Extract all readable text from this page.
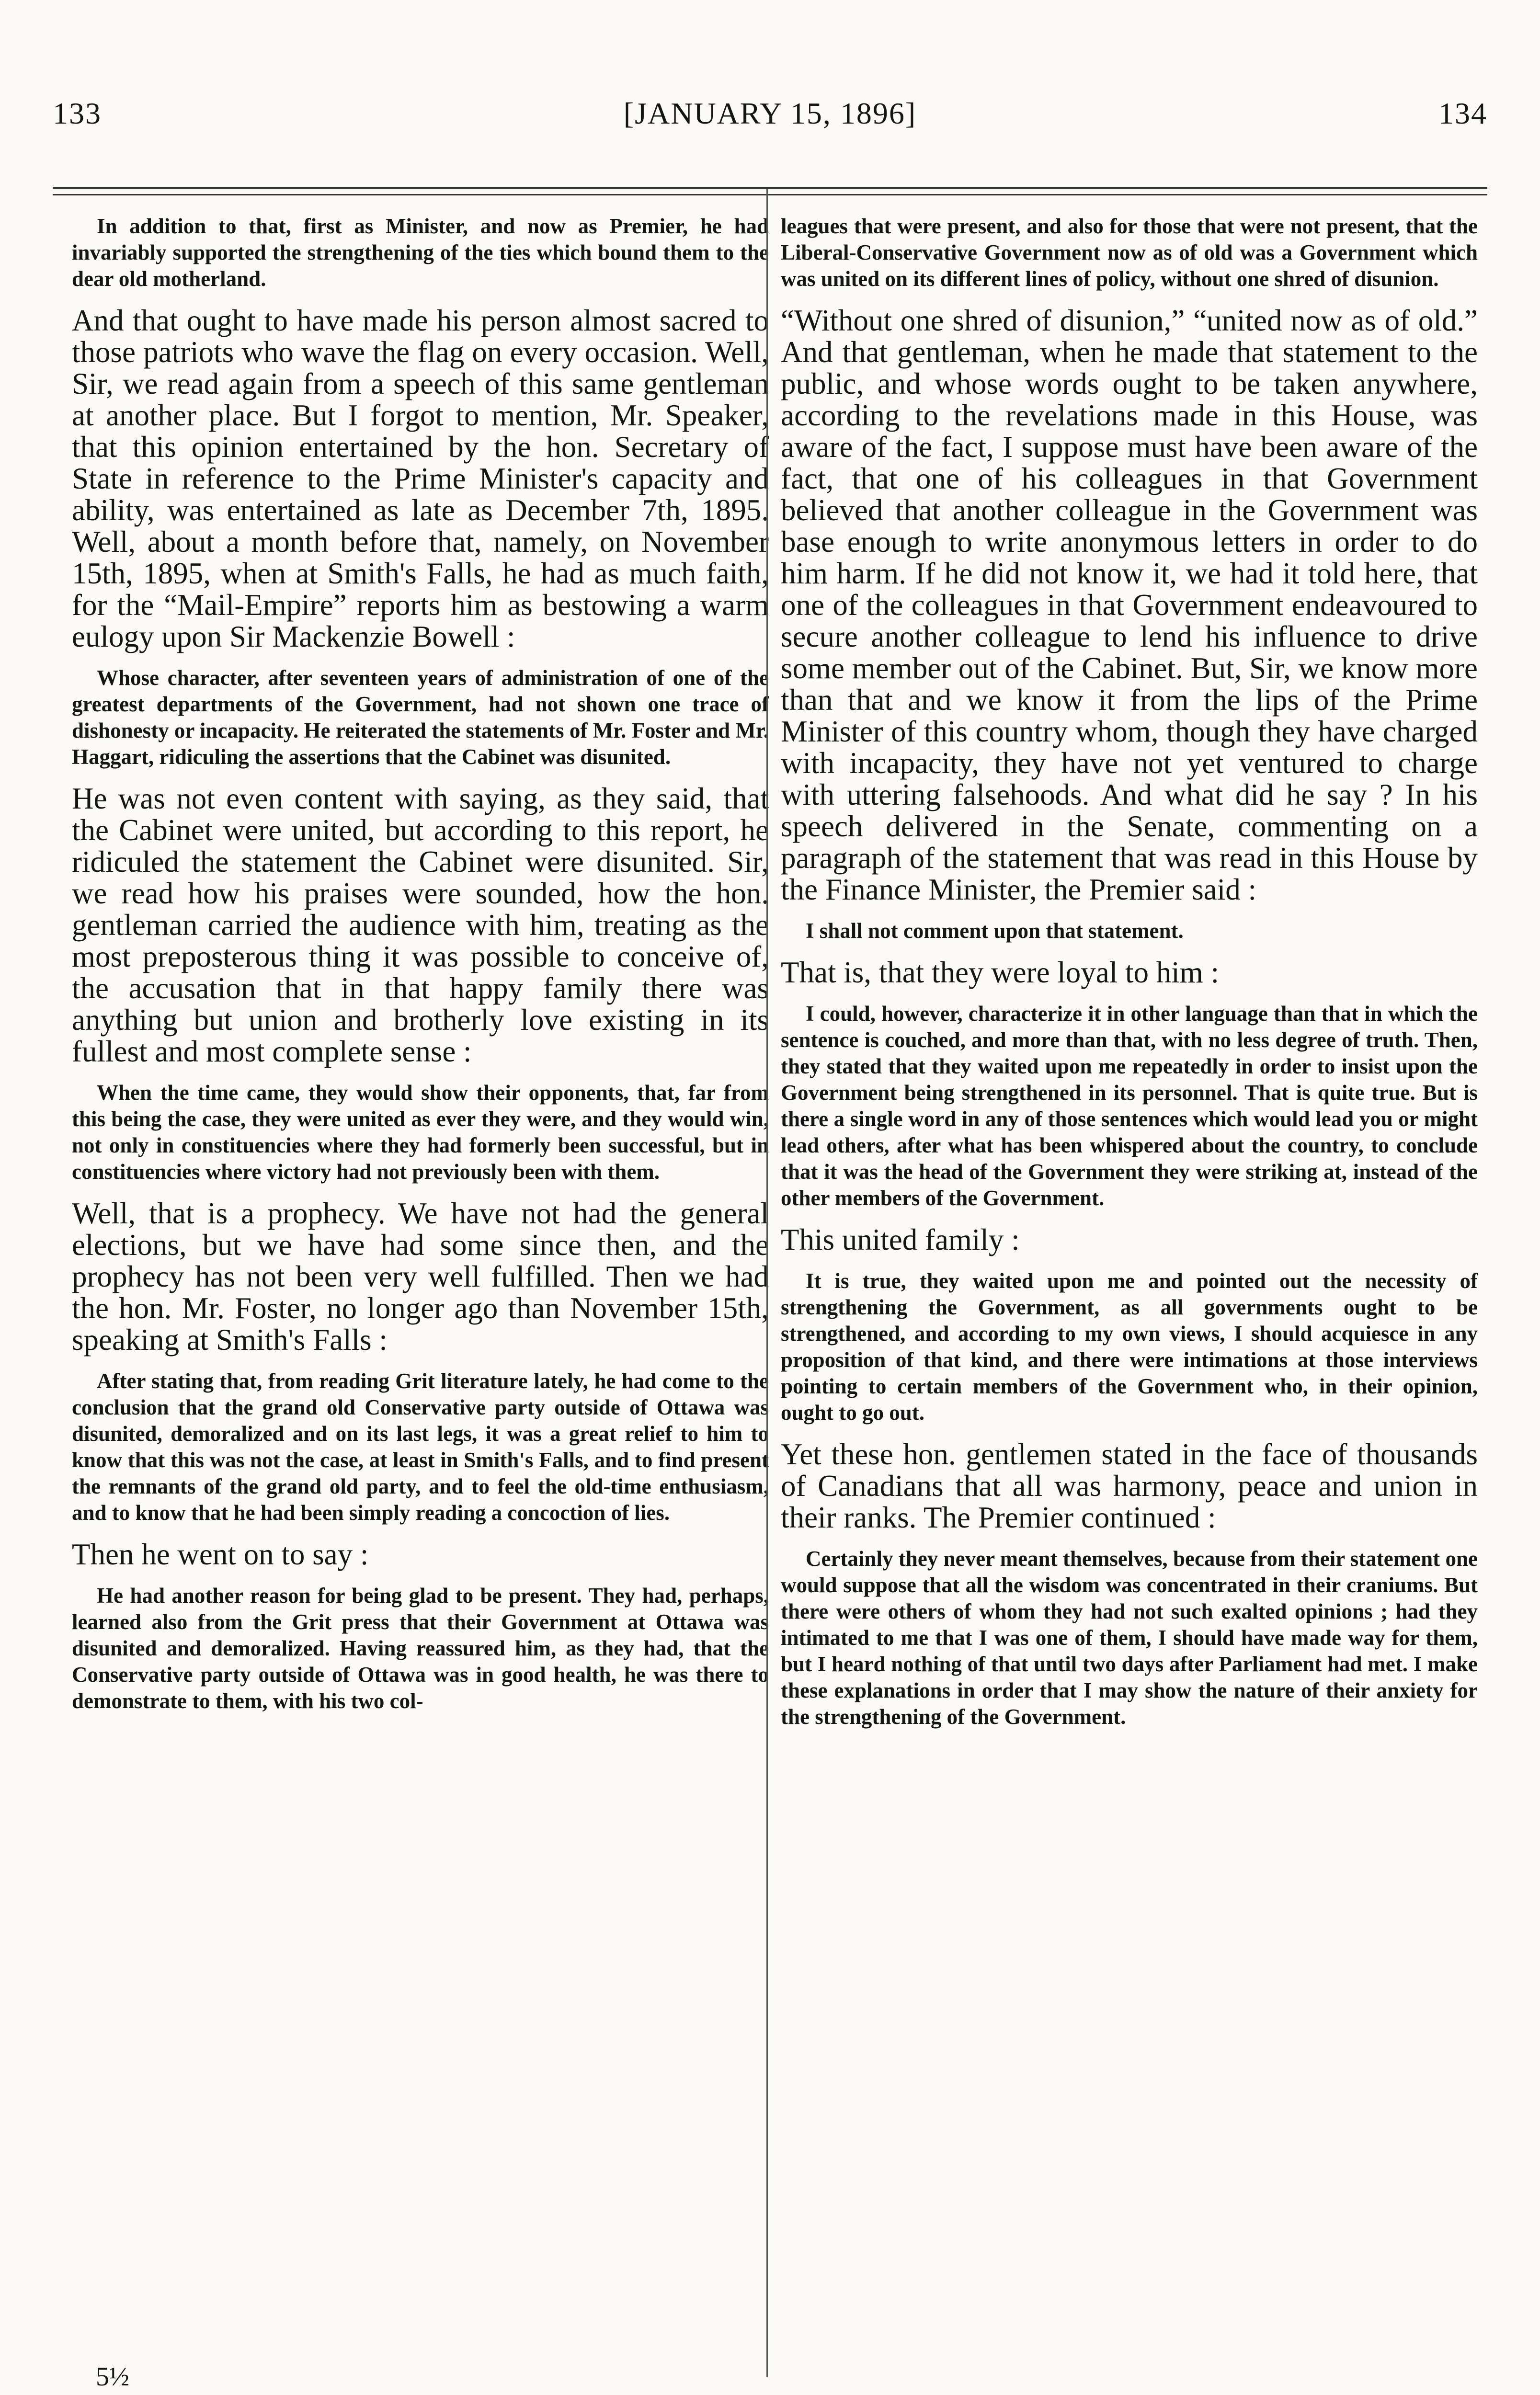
133	[JANUARY 15, 1896]	134

In addition to that, first as Minister, and now as Premier, he had invariably supported the strengthening of the ties which bound them to the dear old motherland.

And that ought to have made his person almost sacred to those patriots who wave the flag on every occasion. Well, Sir, we read again from a speech of this same gentleman at another place. But I forgot to mention, Mr. Speaker, that this opinion entertained by the hon. Secretary of State in reference to the Prime Minister's capacity and ability, was entertained as late as December 7th, 1895. Well, about a month before that, namely, on November 15th, 1895, when at Smith's Falls, he had as much faith, for the “Mail-Empire” reports him as bestowing a warm eulogy upon Sir Mackenzie Bowell :

Whose character, after seventeen years of administration of one of the greatest departments of the Government, had not shown one trace of dishonesty or incapacity. He reiterated the statements of Mr. Foster and Mr. Haggart, ridiculing the assertions that the Cabinet was disunited.

He was not even content with saying, as they said, that the Cabinet were united, but according to this report, he ridiculed the statement the Cabinet were disunited. Sir, we read how his praises were sounded, how the hon. gentleman carried the audience with him, treating as the most preposterous thing it was possible to conceive of, the accusation that in that happy family there was anything but union and brotherly love existing in its fullest and most complete sense :

When the time came, they would show their opponents, that, far from this being the case, they were united as ever they were, and they would win, not only in constituencies where they had formerly been successful, but in constituencies where victory had not previously been with them.

Well, that is a prophecy. We have not had the general elections, but we have had some since then, and the prophecy has not been very well fulfilled. Then we had the hon. Mr. Foster, no longer ago than November 15th, speaking at Smith's Falls :

After stating that, from reading Grit literature lately, he had come to the conclusion that the grand old Conservative party outside of Ottawa was disunited, demoralized and on its last legs, it was a great relief to him to know that this was not the case, at least in Smith's Falls, and to find present the remnants of the grand old party, and to feel the old-time enthusiasm, and to know that he had been simply reading a concoction of lies.

Then he went on to say :

He had another reason for being glad to be present. They had, perhaps, learned also from the Grit press that their Government at Ottawa was disunited and demoralized. Having reassured him, as they had, that the Conservative party outside of Ottawa was in good health, he was there to demonstrate to them, with his two col-

leagues that were present, and also for those that were not present, that the Liberal-Conservative Government now as of old was a Government which was united on its different lines of policy, without one shred of disunion.

“Without one shred of disunion,” “united now as of old.” And that gentleman, when he made that statement to the public, and whose words ought to be taken anywhere, according to the revelations made in this House, was aware of the fact, I suppose must have been aware of the fact, that one of his colleagues in that Government believed that another colleague in the Government was base enough to write anonymous letters in order to do him harm. If he did not know it, we had it told here, that one of the colleagues in that Government endeavoured to secure another colleague to lend his influence to drive some member out of the Cabinet. But, Sir, we know more than that and we know it from the lips of the Prime Minister of this country whom, though they have charged with incapacity, they have not yet ventured to charge with uttering falsehoods. And what did he say ? In his speech delivered in the Senate, commenting on a paragraph of the statement that was read in this House by the Finance Minister, the Premier said :

I shall not comment upon that statement.

That is, that they were loyal to him :

I could, however, characterize it in other language than that in which the sentence is couched, and more than that, with no less degree of truth. Then, they stated that they waited upon me repeatedly in order to insist upon the Government being strengthened in its personnel. That is quite true. But is there a single word in any of those sentences which would lead you or might lead others, after what has been whispered about the country, to conclude that it was the head of the Government they were striking at, instead of the other members of the Government.

This united family :

It is true, they waited upon me and pointed out the necessity of strengthening the Government, as all governments ought to be strengthened, and according to my own views, I should acquiesce in any proposition of that kind, and there were intimations at those interviews pointing to certain members of the Government who, in their opinion, ought to go out.

Yet these hon. gentlemen stated in the face of thousands of Canadians that all was harmony, peace and union in their ranks. The Premier continued :

Certainly they never meant themselves, because from their statement one would suppose that all the wisdom was concentrated in their craniums. But there were others of whom they had not such exalted opinions ; had they intimated to me that I was one of them, I should have made way for them, but I heard nothing of that until two days after Parliament had met. I make these explanations in order that I may show the nature of their anxiety for the strengthening of the Government.

5½
